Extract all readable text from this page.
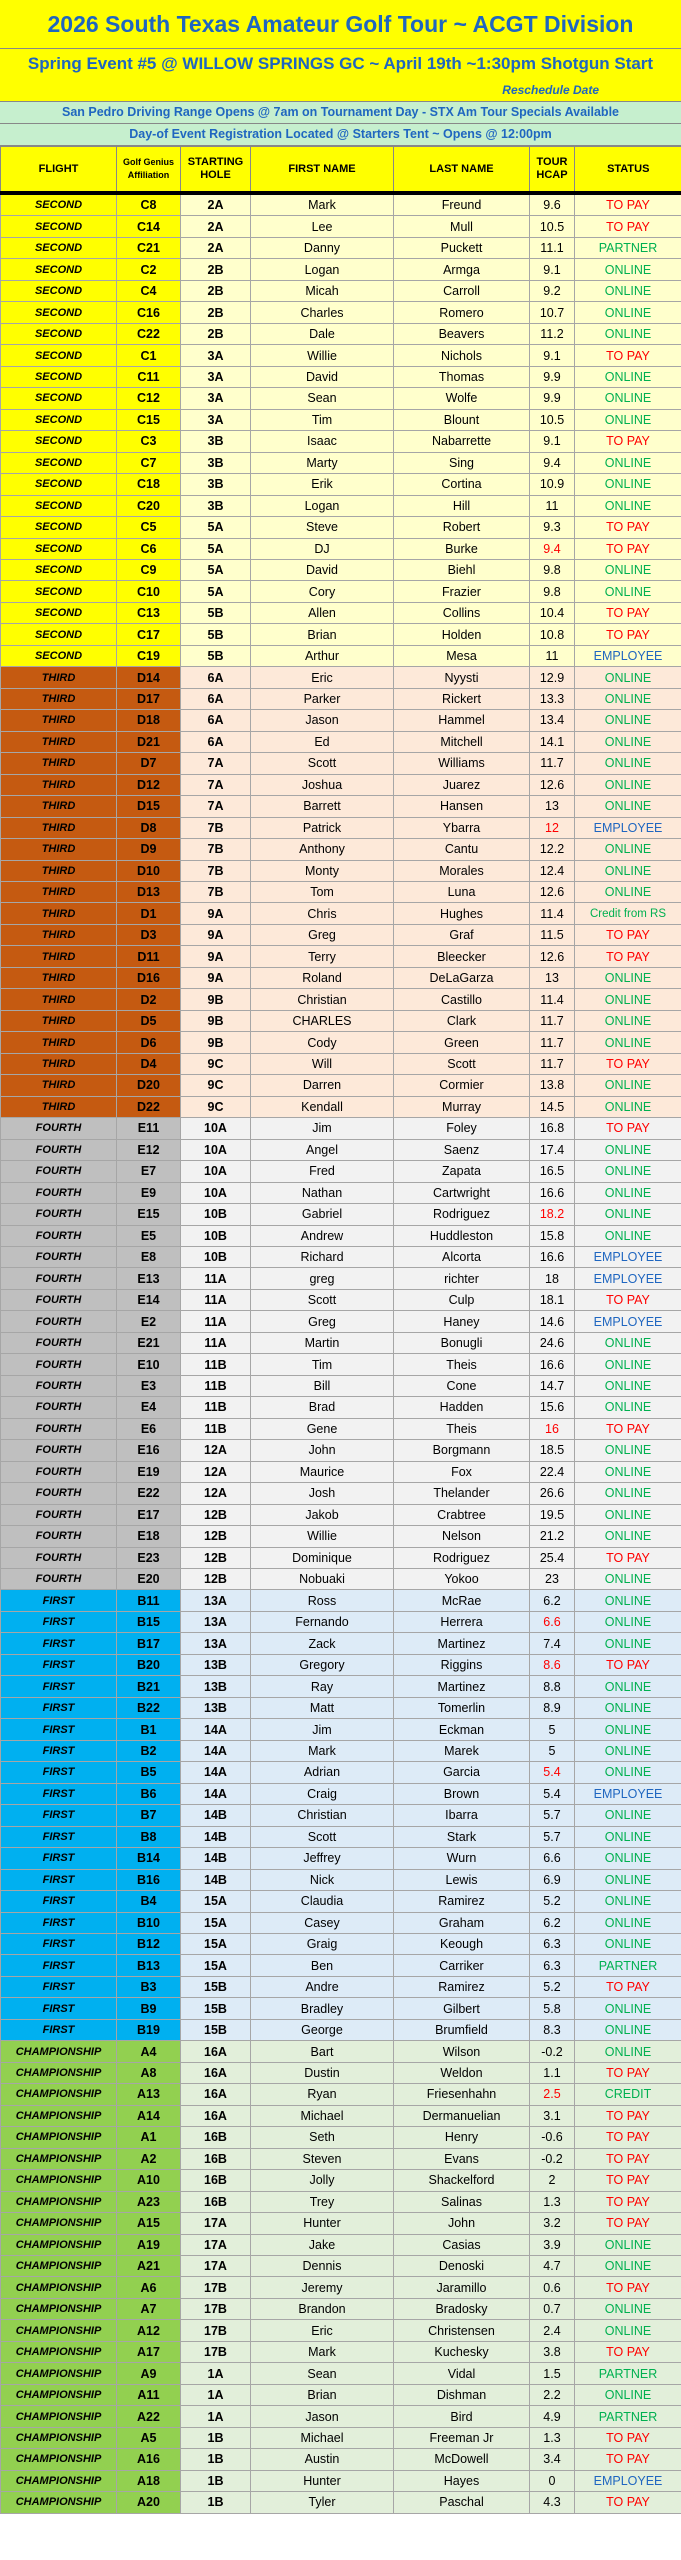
2026 South Texas Amateur Golf Tour ~ ACGT Division
Spring Event #5 @ WILLOW SPRINGS GC ~ April 19th ~1:30pm Shotgun Start
Reschedule Date
San Pedro Driving Range Opens @ 7am on Tournament Day - STX Am Tour Specials Available
Day-of Event Registration Located @ Starters Tent ~ Opens @ 12:00pm
FLIGHT	Golf Genius Affiliation	STARTING HOLE	FIRST NAME	LAST NAME	TOUR HCAP	STATUS
SECOND	C8	2A	Mark	Freund	9.6	TO PAY
SECOND	C14	2A	Lee	Mull	10.5	TO PAY
SECOND	C21	2A	Danny	Puckett	11.1	PARTNER
SECOND	C2	2B	Logan	Armga	9.1	ONLINE
SECOND	C4	2B	Micah	Carroll	9.2	ONLINE
SECOND	C16	2B	Charles	Romero	10.7	ONLINE
SECOND	C22	2B	Dale	Beavers	11.2	ONLINE
SECOND	C1	3A	Willie	Nichols	9.1	TO PAY
SECOND	C11	3A	David	Thomas	9.9	ONLINE
SECOND	C12	3A	Sean	Wolfe	9.9	ONLINE
SECOND	C15	3A	Tim	Blount	10.5	ONLINE
SECOND	C3	3B	Isaac	Nabarrette	9.1	TO PAY
SECOND	C7	3B	Marty	Sing	9.4	ONLINE
SECOND	C18	3B	Erik	Cortina	10.9	ONLINE
SECOND	C20	3B	Logan	Hill	11	ONLINE
SECOND	C5	5A	Steve	Robert	9.3	TO PAY
SECOND	C6	5A	DJ	Burke	9.4	TO PAY
SECOND	C9	5A	David	Biehl	9.8	ONLINE
SECOND	C10	5A	Cory	Frazier	9.8	ONLINE
SECOND	C13	5B	Allen	Collins	10.4	TO PAY
SECOND	C17	5B	Brian	Holden	10.8	TO PAY
SECOND	C19	5B	Arthur	Mesa	11	EMPLOYEE
THIRD	D14	6A	Eric	Nyysti	12.9	ONLINE
THIRD	D17	6A	Parker	Rickert	13.3	ONLINE
THIRD	D18	6A	Jason	Hammel	13.4	ONLINE
THIRD	D21	6A	Ed	Mitchell	14.1	ONLINE
THIRD	D7	7A	Scott	Williams	11.7	ONLINE
THIRD	D12	7A	Joshua	Juarez	12.6	ONLINE
THIRD	D15	7A	Barrett	Hansen	13	ONLINE
THIRD	D8	7B	Patrick	Ybarra	12	EMPLOYEE
THIRD	D9	7B	Anthony	Cantu	12.2	ONLINE
THIRD	D10	7B	Monty	Morales	12.4	ONLINE
THIRD	D13	7B	Tom	Luna	12.6	ONLINE
THIRD	D1	9A	Chris	Hughes	11.4	Credit from RS
THIRD	D3	9A	Greg	Graf	11.5	TO PAY
THIRD	D11	9A	Terry	Bleecker	12.6	TO PAY
THIRD	D16	9A	Roland	DeLaGarza	13	ONLINE
THIRD	D2	9B	Christian	Castillo	11.4	ONLINE
THIRD	D5	9B	CHARLES	Clark	11.7	ONLINE
THIRD	D6	9B	Cody	Green	11.7	ONLINE
THIRD	D4	9C	Will	Scott	11.7	TO PAY
THIRD	D20	9C	Darren	Cormier	13.8	ONLINE
THIRD	D22	9C	Kendall	Murray	14.5	ONLINE
FOURTH	E11	10A	Jim	Foley	16.8	TO PAY
FOURTH	E12	10A	Angel	Saenz	17.4	ONLINE
FOURTH	E7	10A	Fred	Zapata	16.5	ONLINE
FOURTH	E9	10A	Nathan	Cartwright	16.6	ONLINE
FOURTH	E15	10B	Gabriel	Rodriguez	18.2	ONLINE
FOURTH	E5	10B	Andrew	Huddleston	15.8	ONLINE
FOURTH	E8	10B	Richard	Alcorta	16.6	EMPLOYEE
FOURTH	E13	11A	greg	richter	18	EMPLOYEE
FOURTH	E14	11A	Scott	Culp	18.1	TO PAY
FOURTH	E2	11A	Greg	Haney	14.6	EMPLOYEE
FOURTH	E21	11A	Martin	Bonugli	24.6	ONLINE
FOURTH	E10	11B	Tim	Theis	16.6	ONLINE
FOURTH	E3	11B	Bill	Cone	14.7	ONLINE
FOURTH	E4	11B	Brad	Hadden	15.6	ONLINE
FOURTH	E6	11B	Gene	Theis	16	TO PAY
FOURTH	E16	12A	John	Borgmann	18.5	ONLINE
FOURTH	E19	12A	Maurice	Fox	22.4	ONLINE
FOURTH	E22	12A	Josh	Thelander	26.6	ONLINE
FOURTH	E17	12B	Jakob	Crabtree	19.5	ONLINE
FOURTH	E18	12B	Willie	Nelson	21.2	ONLINE
FOURTH	E23	12B	Dominique	Rodriguez	25.4	TO PAY
FOURTH	E20	12B	Nobuaki	Yokoo	23	ONLINE
FIRST	B11	13A	Ross	McRae	6.2	ONLINE
FIRST	B15	13A	Fernando	Herrera	6.6	ONLINE
FIRST	B17	13A	Zack	Martinez	7.4	ONLINE
FIRST	B20	13B	Gregory	Riggins	8.6	TO PAY
FIRST	B21	13B	Ray	Martinez	8.8	ONLINE
FIRST	B22	13B	Matt	Tomerlin	8.9	ONLINE
FIRST	B1	14A	Jim	Eckman	5	ONLINE
FIRST	B2	14A	Mark	Marek	5	ONLINE
FIRST	B5	14A	Adrian	Garcia	5.4	ONLINE
FIRST	B6	14A	Craig	Brown	5.4	EMPLOYEE
FIRST	B7	14B	Christian	Ibarra	5.7	ONLINE
FIRST	B8	14B	Scott	Stark	5.7	ONLINE
FIRST	B14	14B	Jeffrey	Wurn	6.6	ONLINE
FIRST	B16	14B	Nick	Lewis	6.9	ONLINE
FIRST	B4	15A	Claudia	Ramirez	5.2	ONLINE
FIRST	B10	15A	Casey	Graham	6.2	ONLINE
FIRST	B12	15A	Graig	Keough	6.3	ONLINE
FIRST	B13	15A	Ben	Carriker	6.3	PARTNER
FIRST	B3	15B	Andre	Ramirez	5.2	TO PAY
FIRST	B9	15B	Bradley	Gilbert	5.8	ONLINE
FIRST	B19	15B	George	Brumfield	8.3	ONLINE
CHAMPIONSHIP	A4	16A	Bart	Wilson	-0.2	ONLINE
CHAMPIONSHIP	A8	16A	Dustin	Weldon	1.1	TO PAY
CHAMPIONSHIP	A13	16A	Ryan	Friesenhahn	2.5	CREDIT
CHAMPIONSHIP	A14	16A	Michael	Dermanuelian	3.1	TO PAY
CHAMPIONSHIP	A1	16B	Seth	Henry	-0.6	TO PAY
CHAMPIONSHIP	A2	16B	Steven	Evans	-0.2	TO PAY
CHAMPIONSHIP	A10	16B	Jolly	Shackelford	2	TO PAY
CHAMPIONSHIP	A23	16B	Trey	Salinas	1.3	TO PAY
CHAMPIONSHIP	A15	17A	Hunter	John	3.2	TO PAY
CHAMPIONSHIP	A19	17A	Jake	Casias	3.9	ONLINE
CHAMPIONSHIP	A21	17A	Dennis	Denoski	4.7	ONLINE
CHAMPIONSHIP	A6	17B	Jeremy	Jaramillo	0.6	TO PAY
CHAMPIONSHIP	A7	17B	Brandon	Bradosky	0.7	ONLINE
CHAMPIONSHIP	A12	17B	Eric	Christensen	2.4	ONLINE
CHAMPIONSHIP	A17	17B	Mark	Kuchesky	3.8	TO PAY
CHAMPIONSHIP	A9	1A	Sean	Vidal	1.5	PARTNER
CHAMPIONSHIP	A11	1A	Brian	Dishman	2.2	ONLINE
CHAMPIONSHIP	A22	1A	Jason	Bird	4.9	PARTNER
CHAMPIONSHIP	A5	1B	Michael	Freeman Jr	1.3	TO PAY
CHAMPIONSHIP	A16	1B	Austin	McDowell	3.4	TO PAY
CHAMPIONSHIP	A18	1B	Hunter	Hayes	0	EMPLOYEE
CHAMPIONSHIP	A20	1B	Tyler	Paschal	4.3	TO PAY
